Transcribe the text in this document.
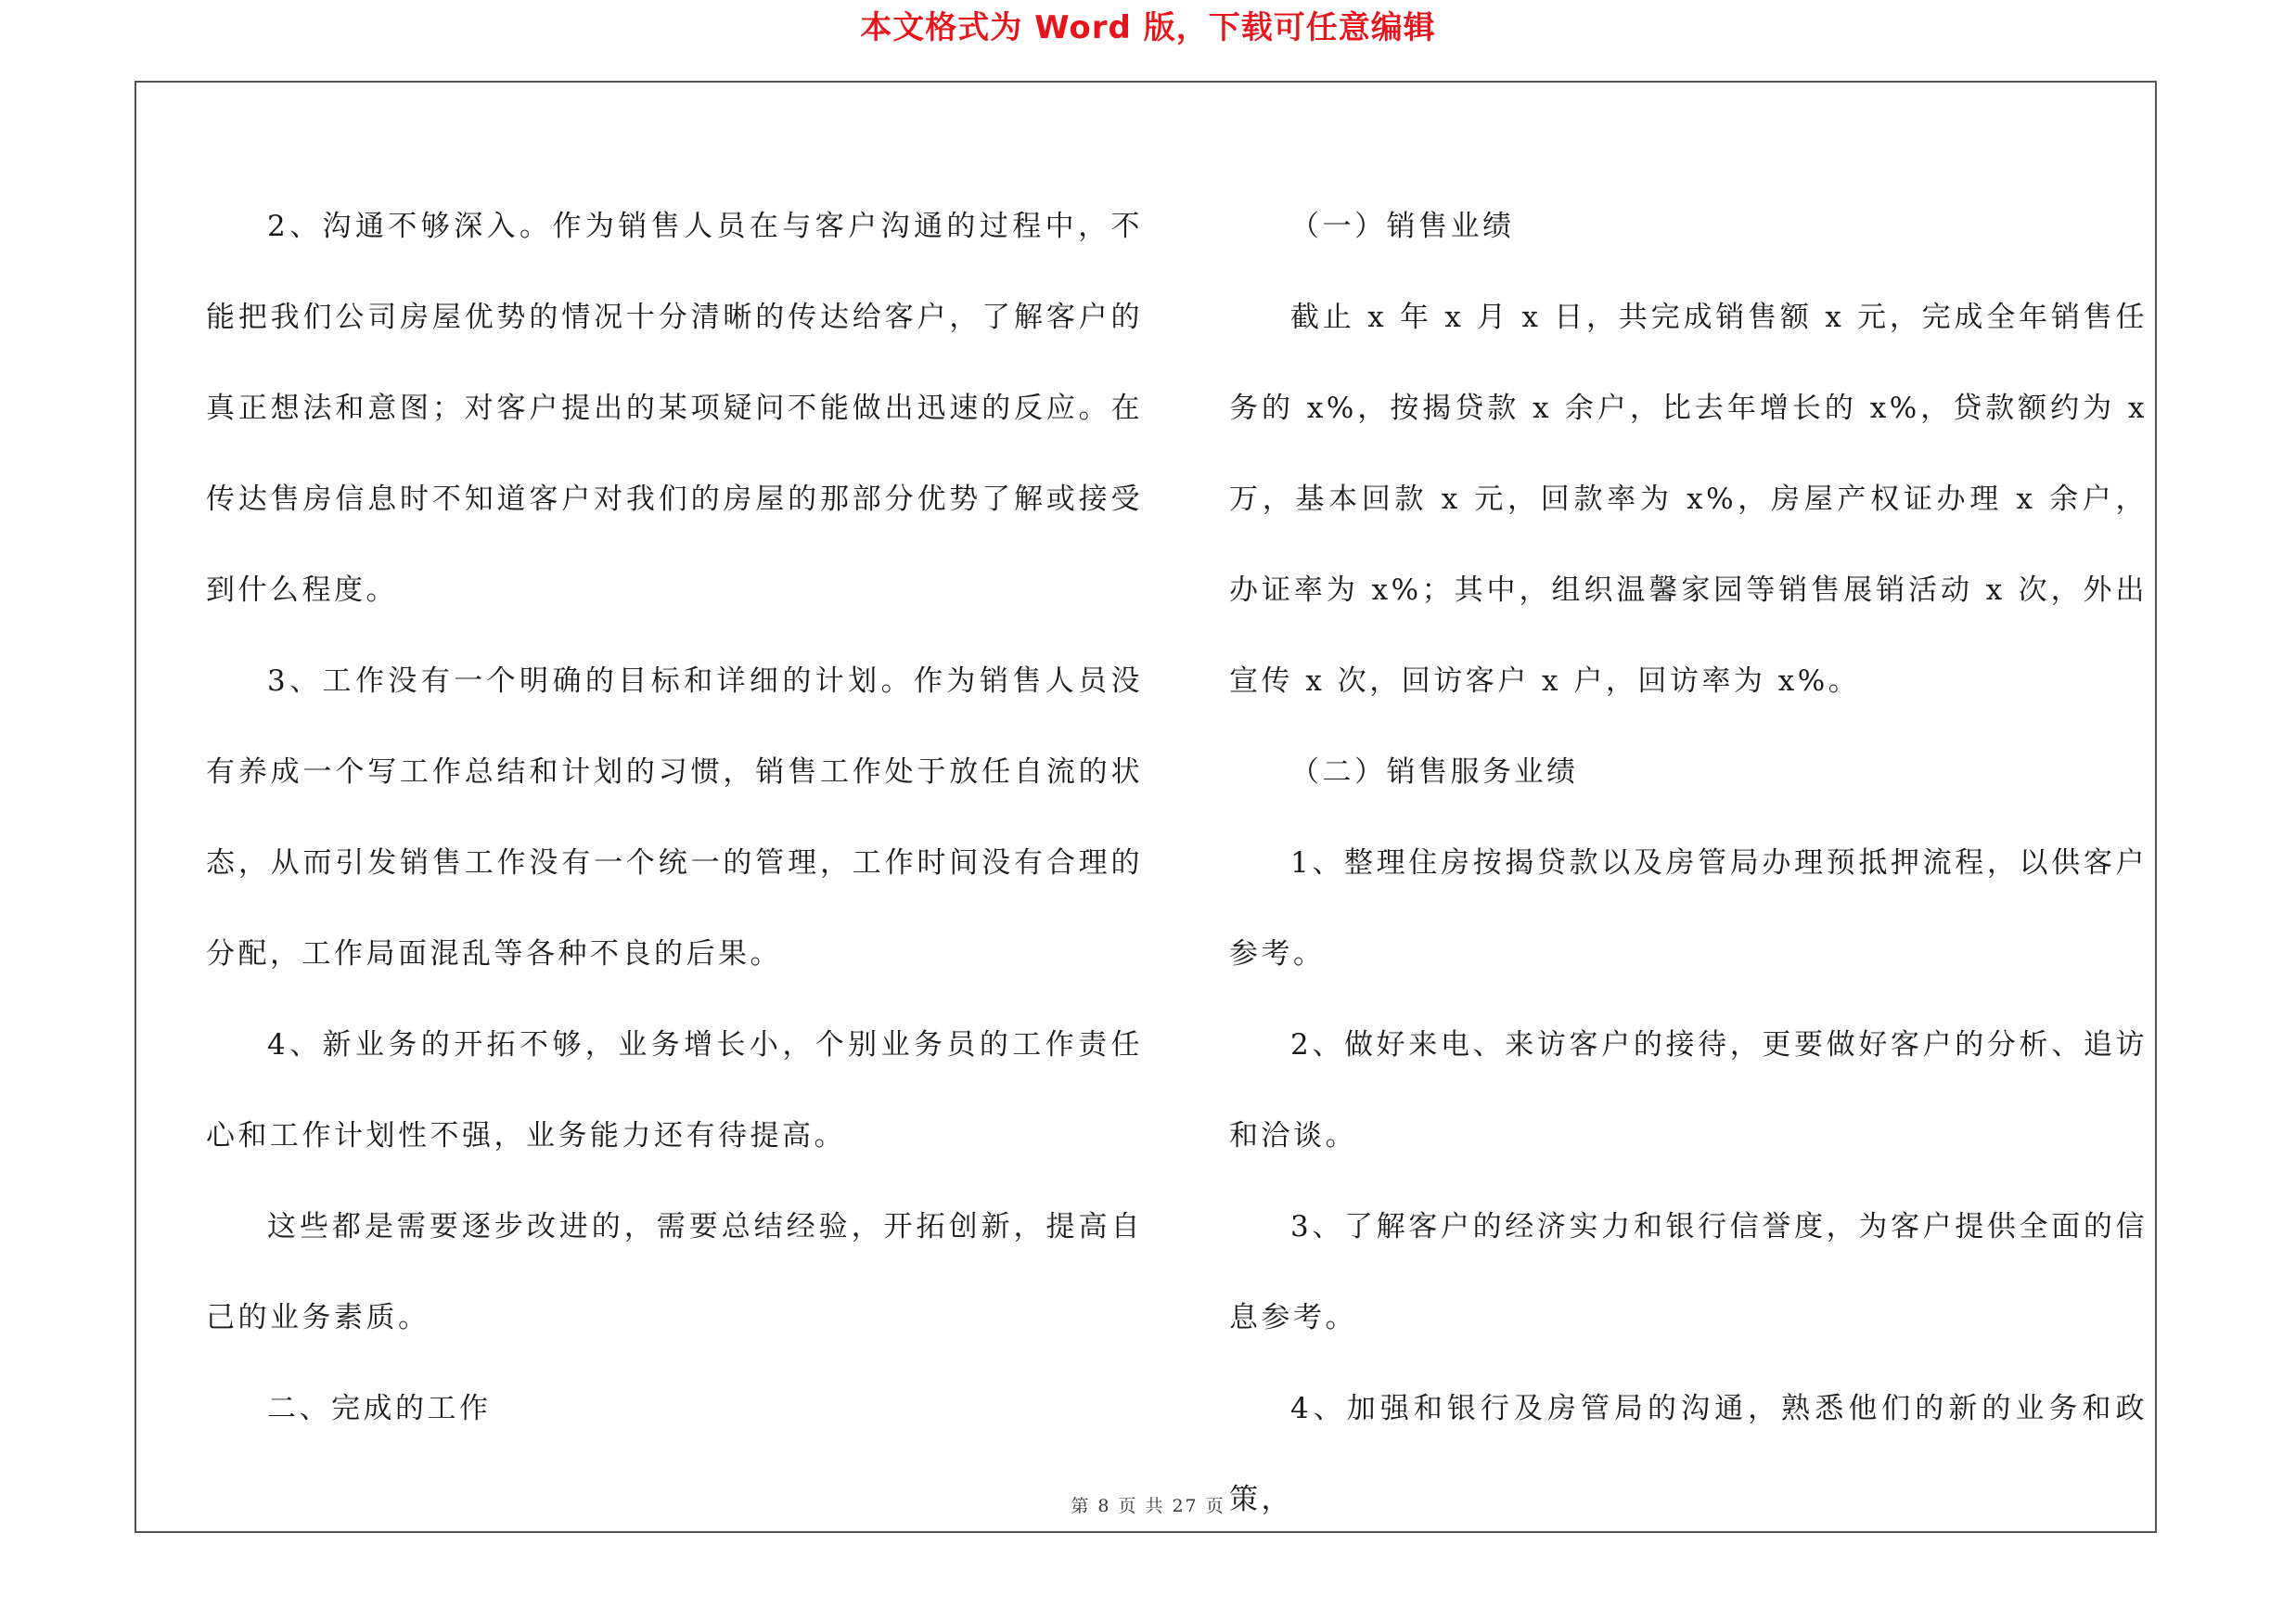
本文格式为 Word 版，下载可任意编辑

2、沟通不够深入。作为销售人员在与客户沟通的过程中，不能把我们公司房屋优势的情况十分清晰的传达给客户，了解客户的真正想法和意图；对客户提出的某项疑问不能做出迅速的反应。在传达售房信息时不知道客户对我们的房屋的那部分优势了解或接受到什么程度。

3、工作没有一个明确的目标和详细的计划。作为销售人员没有养成一个写工作总结和计划的习惯，销售工作处于放任自流的状态，从而引发销售工作没有一个统一的管理，工作时间没有合理的分配，工作局面混乱等各种不良的后果。

4、新业务的开拓不够，业务增长小，个别业务员的工作责任心和工作计划性不强，业务能力还有待提高。

这些都是需要逐步改进的，需要总结经验，开拓创新，提高自己的业务素质。

二、完成的工作

（一）销售业绩

截止 x 年 x 月 x 日，共完成销售额 x 元，完成全年销售任务的 x%，按揭贷款 x 余户，比去年增长的 x%，贷款额约为 x 万，基本回款 x 元，回款率为 x%，房屋产权证办理 x 余户，办证率为 x%；其中，组织温馨家园等销售展销活动 x 次，外出宣传 x 次，回访客户 x 户，回访率为 x%。

（二）销售服务业绩

1、整理住房按揭贷款以及房管局办理预抵押流程，以供客户参考。

2、做好来电、来访客户的接待，更要做好客户的分析、追访和洽谈。

3、了解客户的经济实力和银行信誉度，为客户提供全面的信息参考。

4、加强和银行及房管局的沟通，熟悉他们的新的业务和政策，

第 8 页 共 27 页
